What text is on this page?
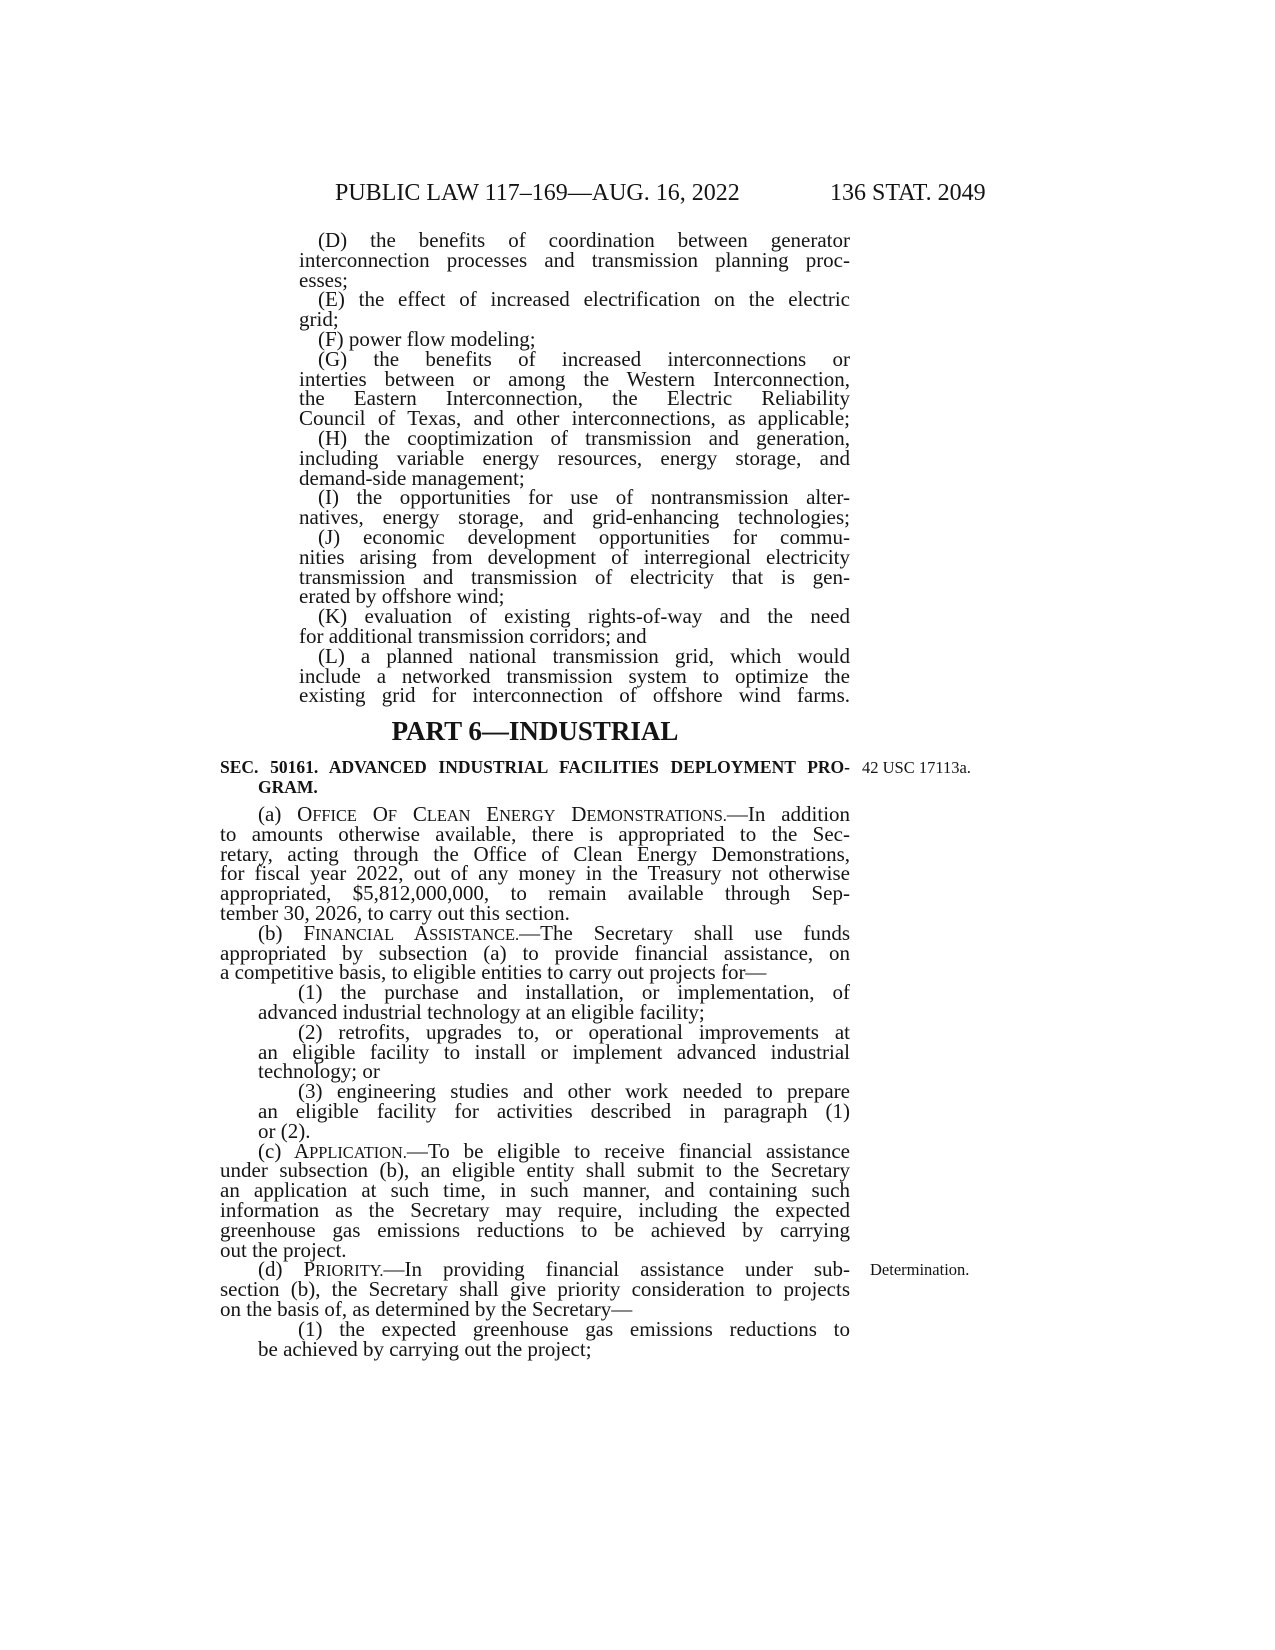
PUBLIC LAW 117–169—AUG. 16, 2022	136 STAT. 2049
(D) the benefits of coordination between generator
interconnection processes and transmission planning proc-
esses;
(E) the effect of increased electrification on the electric
grid;
(F) power flow modeling;
(G) the benefits of increased interconnections or
interties between or among the Western Interconnection,
the Eastern Interconnection, the Electric Reliability
Council of Texas, and other interconnections, as applicable;
(H) the cooptimization of transmission and generation,
including variable energy resources, energy storage, and
demand-side management;
(I) the opportunities for use of nontransmission alter-
natives, energy storage, and grid-enhancing technologies;
(J) economic development opportunities for commu-
nities arising from development of interregional electricity
transmission and transmission of electricity that is gen-
erated by offshore wind;
(K) evaluation of existing rights-of-way and the need
for additional transmission corridors; and
(L) a planned national transmission grid, which would
include a networked transmission system to optimize the
existing grid for interconnection of offshore wind farms.
PART 6—INDUSTRIAL
SEC. 50161. ADVANCED INDUSTRIAL FACILITIES DEPLOYMENT PRO-
GRAM.
42 USC 17113a.
(a) OFFICE OF CLEAN ENERGY DEMONSTRATIONS.—In addition
to amounts otherwise available, there is appropriated to the Sec-
retary, acting through the Office of Clean Energy Demonstrations,
for fiscal year 2022, out of any money in the Treasury not otherwise
appropriated, $5,812,000,000, to remain available through Sep-
tember 30, 2026, to carry out this section.
(b) FINANCIAL ASSISTANCE.—The Secretary shall use funds
appropriated by subsection (a) to provide financial assistance, on
a competitive basis, to eligible entities to carry out projects for—
(1) the purchase and installation, or implementation, of
advanced industrial technology at an eligible facility;
(2) retrofits, upgrades to, or operational improvements at
an eligible facility to install or implement advanced industrial
technology; or
(3) engineering studies and other work needed to prepare
an eligible facility for activities described in paragraph (1)
or (2).
(c) APPLICATION.—To be eligible to receive financial assistance
under subsection (b), an eligible entity shall submit to the Secretary
an application at such time, in such manner, and containing such
information as the Secretary may require, including the expected
greenhouse gas emissions reductions to be achieved by carrying
out the project.
(d) PRIORITY.—In providing financial assistance under sub-
section (b), the Secretary shall give priority consideration to projects
on the basis of, as determined by the Secretary—
(1) the expected greenhouse gas emissions reductions to
be achieved by carrying out the project;
Determination.
